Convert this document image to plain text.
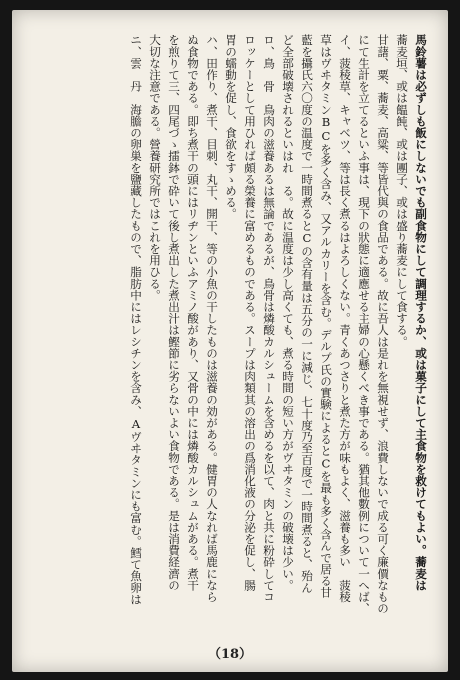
馬鈴薯は必ずしも飯にしないでも副食物にして調理するか、或は菓子にして主食物を救けてもよい。蕎麦は

蕎麦垣、或は饂飩、或は團子、或は盛り蕎麦にして食する。

甘藷、粟、蕎麦、高粱、等皆代與の食品である。故に吾人は是れを無視せず、浪費しないで成る可く廉價なもの

にて生計を立てるといふ事は、現下の狀態に適應せる主婦の心懸くべき事である。猶其他數例について一へば、

イ、菠稜草、キャベツ、等は長く煮るはよろしくない。青くあつさりと煮た方が味もよく、滋養も多い　菠稜

草はヴヰタミンBCを多く含み、又アルカリーを含む。デルプ氏の實験によるとCを最も多く含んで居る甘

藍を攝氏六〇度の温度で一時間煮るとCの含有量は五分の一に減じ、七十度乃至百度で一時間煮ると、殆ん

ど全部破壊されるといはれ　る。故に温度は少し高くても、煮る時間の短い方がヴヰタミンの破壊は少い。

ロ、鳥　骨　鳥肉の滋養あるは無論であるが、鳥骨は燐酸カルシュームを含めるを以て、肉と共に粉砕してコ

ロッケーとして用ひれば頗る榮養に富めるものである。スープは肉類其の溶出の爲消化液の分泌を促し、腸

胃の蠕動を促し、食欲をすゝめる。

ハ、田作り、煮干、目刺、丸干、開干、等の小魚の干したものは滋養の効がある。健胃の人なれば馬鹿になら

ぬ食物である。即ち煮干の頭にはリヂンといふアミノ酸があり、又骨の中には燐酸カルシュムがある。煮干

を煎りて三、四尾づゝ擂鉢で砕いて後し煮出した煮出汁は鰹節に劣らないよい食物である。是は消費経濟の

大切な注意である。營養研究所ではこれを用ひる。

ニ、雲　丹　海膽の卵巣を鹽藏したもので、脂肪中にはレシチンを含み、Aヴヰタミンにも富む。鱈て魚卵は

（18）
